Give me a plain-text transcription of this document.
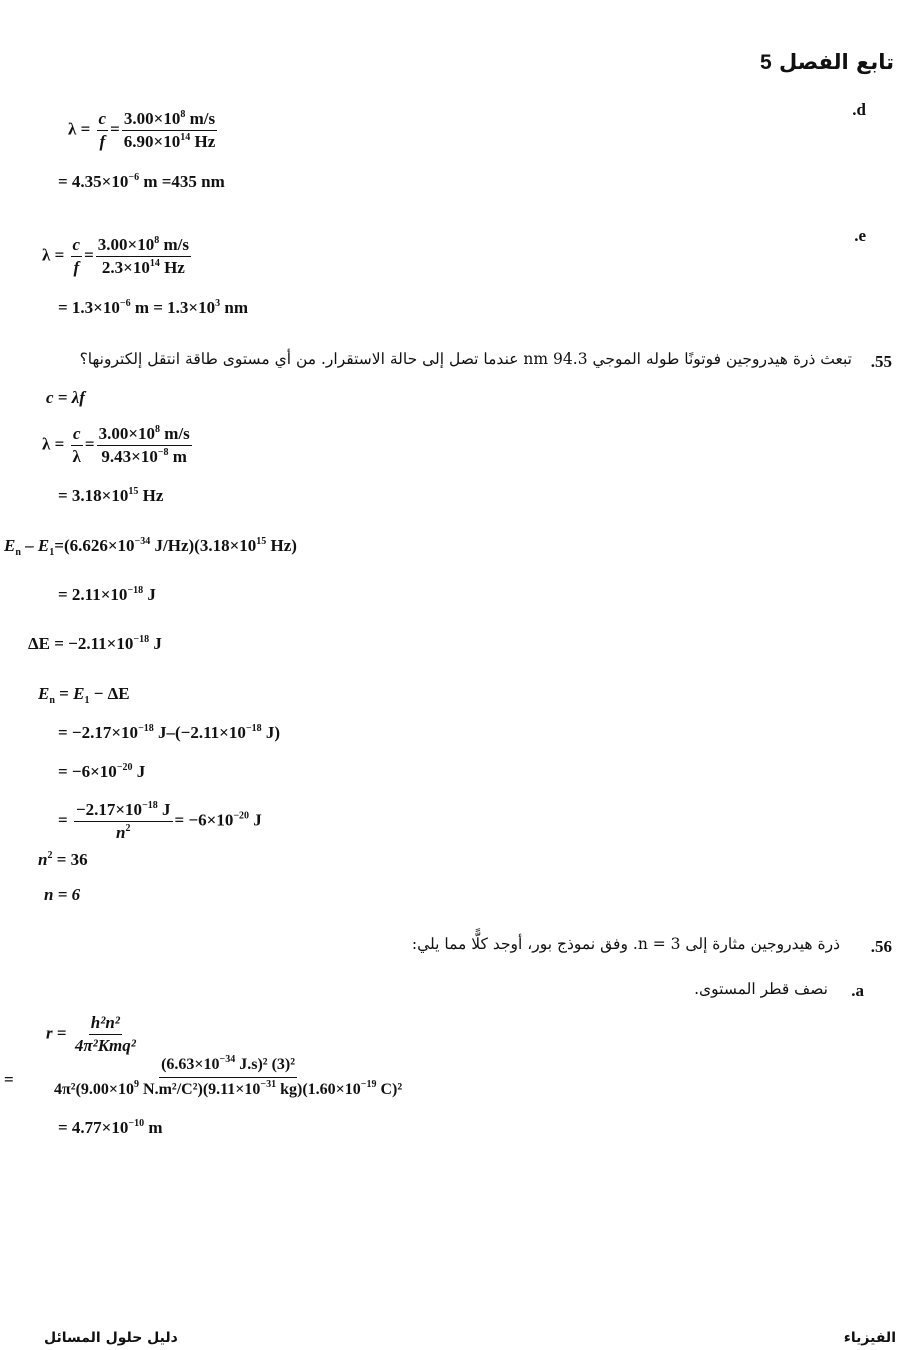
تابع الفصل 5
.d
$\lambda = \frac{c}{f} = \frac{3.00\times 10^8 m/s}{6.90\times 10^{14} Hz}$
= $4.35\times 10^{-6}$ m =435 nm
.e
$\lambda = \frac{c}{f} = \frac{3.00\times 10^8 m/s}{2.3\times 10^{14} Hz}$
= $1.3\times 10^{-6}$ $m = 1.3\times 10^3$ nm
.55
تبعث ذرة هيدروجين فوتونًا طوله الموجي 94.3 nm عندما تصل إلى حالة الاستقرار. من أي مستوى طاقة انتقل إلكترونها؟
c = λf
$\lambda = \frac{c}{\lambda} = \frac{3.00\times 10^8 m/s}{9.43\times 10^{-8} m}$
= $3.18\times 10^{15}$ Hz
$E_n - E_1=(6.626\times 10^{-34}$ $J/Hz)(3.18\times 10^{15}$ Hz)
= $2.11\times 10^{-18}$ J
$\Delta E = -2.11\times 10^{-18}$ J
$E_n = E_1 - \Delta E$
= $-2.17\times 10^{-18}$ $J-(-2.11\times 10^{-18}$ J)
= $-6\times 10^{-20}$ J
= $\frac{-2.17\times 10^{-18} J}{n^2} = -6\times 10^{-20}$ J
$n^2 = 36$
n = 6
.56
ذرة هيدروجين مثارة إلى n = 3. وفق نموذج بور، أوجد كلًّا مما يلي:
.a
نصف قطر المستوى.
$r = \frac{\text{h²n²}}{\text{4π²Kmq²}}$
= $\frac{(6.63\times 10^{-34} J.s)^2 (3)^2}{4\pi^2(9.00\times 10^9 N.m^2/C^2)(9.11\times 10^{-31} kg)(1.60\times 10^{-19} C)^2}$
= $4.77\times 10^{-10}$ m
الفيزياء
دليل حلول المسائل
